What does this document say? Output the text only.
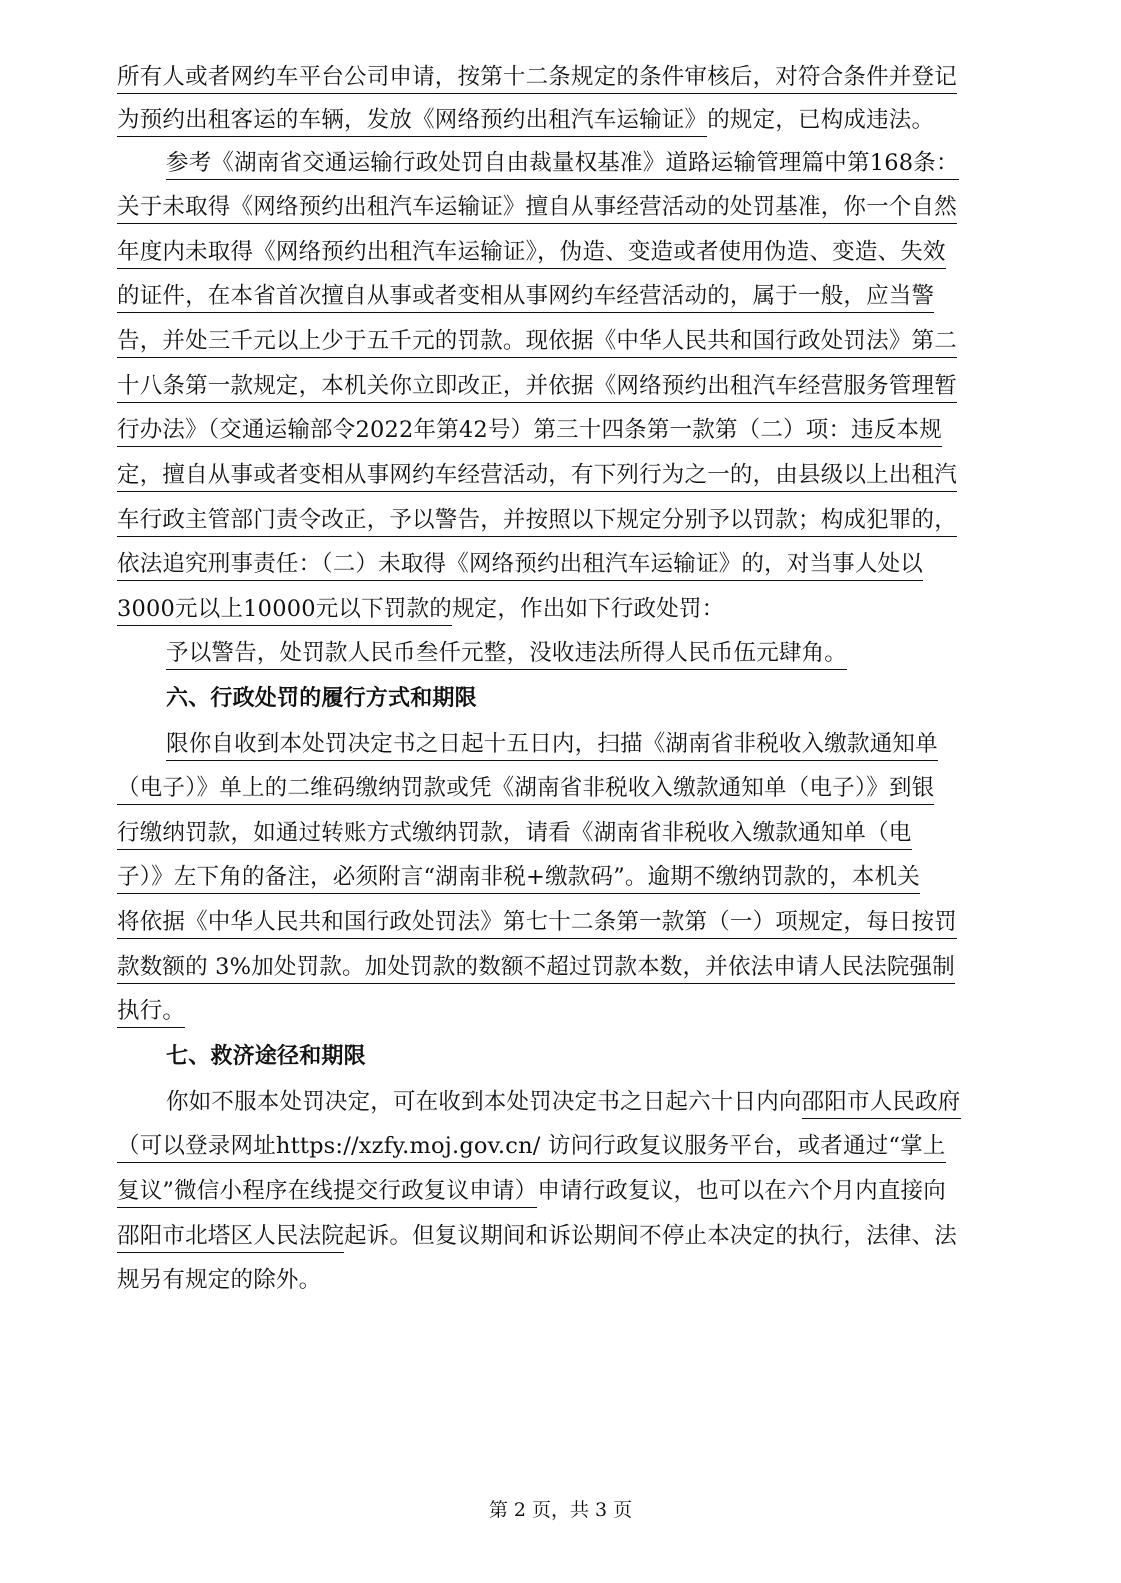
所有人或者网约车平台公司申请，按第十二条规定的条件审核后，对符合条件并登记
为预约出租客运的车辆，发放《网络预约出租汽车运输证》的规定，已构成违法。
参考《湖南省交通运输行政处罚自由裁量权基准》道路运输管理篇中第168条：
关于未取得《网络预约出租汽车运输证》擅自从事经营活动的处罚基准，你一个自然
年度内未取得《网络预约出租汽车运输证》，伪造、变造或者使用伪造、变造、失效
的证件，在本省首次擅自从事或者变相从事网约车经营活动的，属于一般，应当警
告，并处三千元以上少于五千元的罚款。现依据《中华人民共和国行政处罚法》第二
十八条第一款规定，本机关你立即改正，并依据《网络预约出租汽车经营服务管理暂
行办法》（交通运输部令2022年第42号）第三十四条第一款第（二）项：违反本规
定，擅自从事或者变相从事网约车经营活动，有下列行为之一的，由县级以上出租汽
车行政主管部门责令改正，予以警告，并按照以下规定分别予以罚款；构成犯罪的，
依法追究刑事责任：（二）未取得《网络预约出租汽车运输证》的，对当事人处以
3000元以上10000元以下罚款的规定，作出如下行政处罚：
予以警告，处罚款人民币叁仟元整，没收违法所得人民币伍元肆角。
六、行政处罚的履行方式和期限
限你自收到本处罚决定书之日起十五日内，扫描《湖南省非税收入缴款通知单
（电子）》单上的二维码缴纳罚款或凭《湖南省非税收入缴款通知单（电子）》到银
行缴纳罚款，如通过转账方式缴纳罚款，请看《湖南省非税收入缴款通知单（电
子）》左下角的备注，必须附言“湖南非税+缴款码”。逾期不缴纳罚款的，本机关
将依据《中华人民共和国行政处罚法》第七十二条第一款第（一）项规定，每日按罚
款数额的 3%加处罚款。加处罚款的数额不超过罚款本数，并依法申请人民法院强制
执行。
七、救济途径和期限
你如不服本处罚决定，可在收到本处罚决定书之日起六十日内向邵阳市人民政府
（可以登录网址https://xzfy.moj.gov.cn/ 访问行政复议服务平台，或者通过“掌上
复议”微信小程序在线提交行政复议申请）申请行政复议，也可以在六个月内直接向
邵阳市北塔区人民法院起诉。但复议期间和诉讼期间不停止本决定的执行，法律、法
规另有规定的除外。
第 2 页，共 3 页
